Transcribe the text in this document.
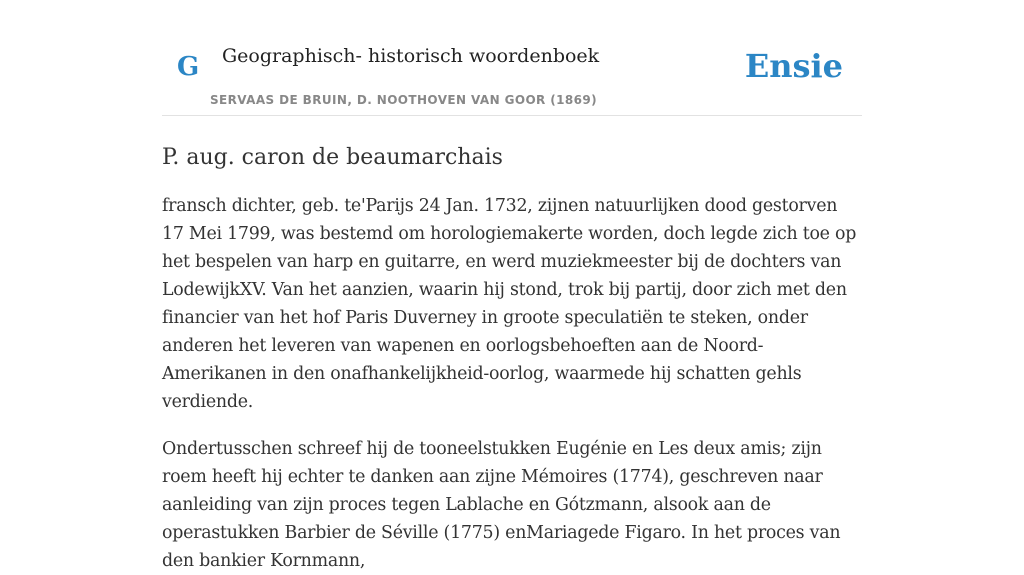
G Geographisch- historisch woordenboek
SERVAAS DE BRUIN, D. NOOTHOVEN VAN GOOR (1869)
Ensie
P. aug. caron de beaumarchais

fransch dichter, geb. te'Parijs 24 Jan. 1732, zijnen natuurlijken dood gestorven 17 Mei 1799, was bestemd om horologiemakerte worden, doch legde zich toe op het bespelen van harp en guitarre, en werd muziekmeester bij de dochters van LodewijkXV. Van het aanzien, waarin hij stond, trok bij partij, door zich met den financier van het hof Paris Duverney in groote speculatiën te steken, onder anderen het leveren van wapenen en oorlogsbehoeften aan de Noord-Amerikanen in den onafhankelijkheid-oorlog, waarmede hij schatten gehls verdiende.

Ondertusschen schreef hij de tooneelstukken Eugénie en Les deux amis; zijn roem heeft hij echter te danken aan zijne Mémoires (1774), geschreven naar aanleiding van zijn proces tegen Lablache en Gótzmann, alsook aan de operastukken Barbier de Séville (1775) enMariagede Figaro. In het proces van den bankier Kornmann,
